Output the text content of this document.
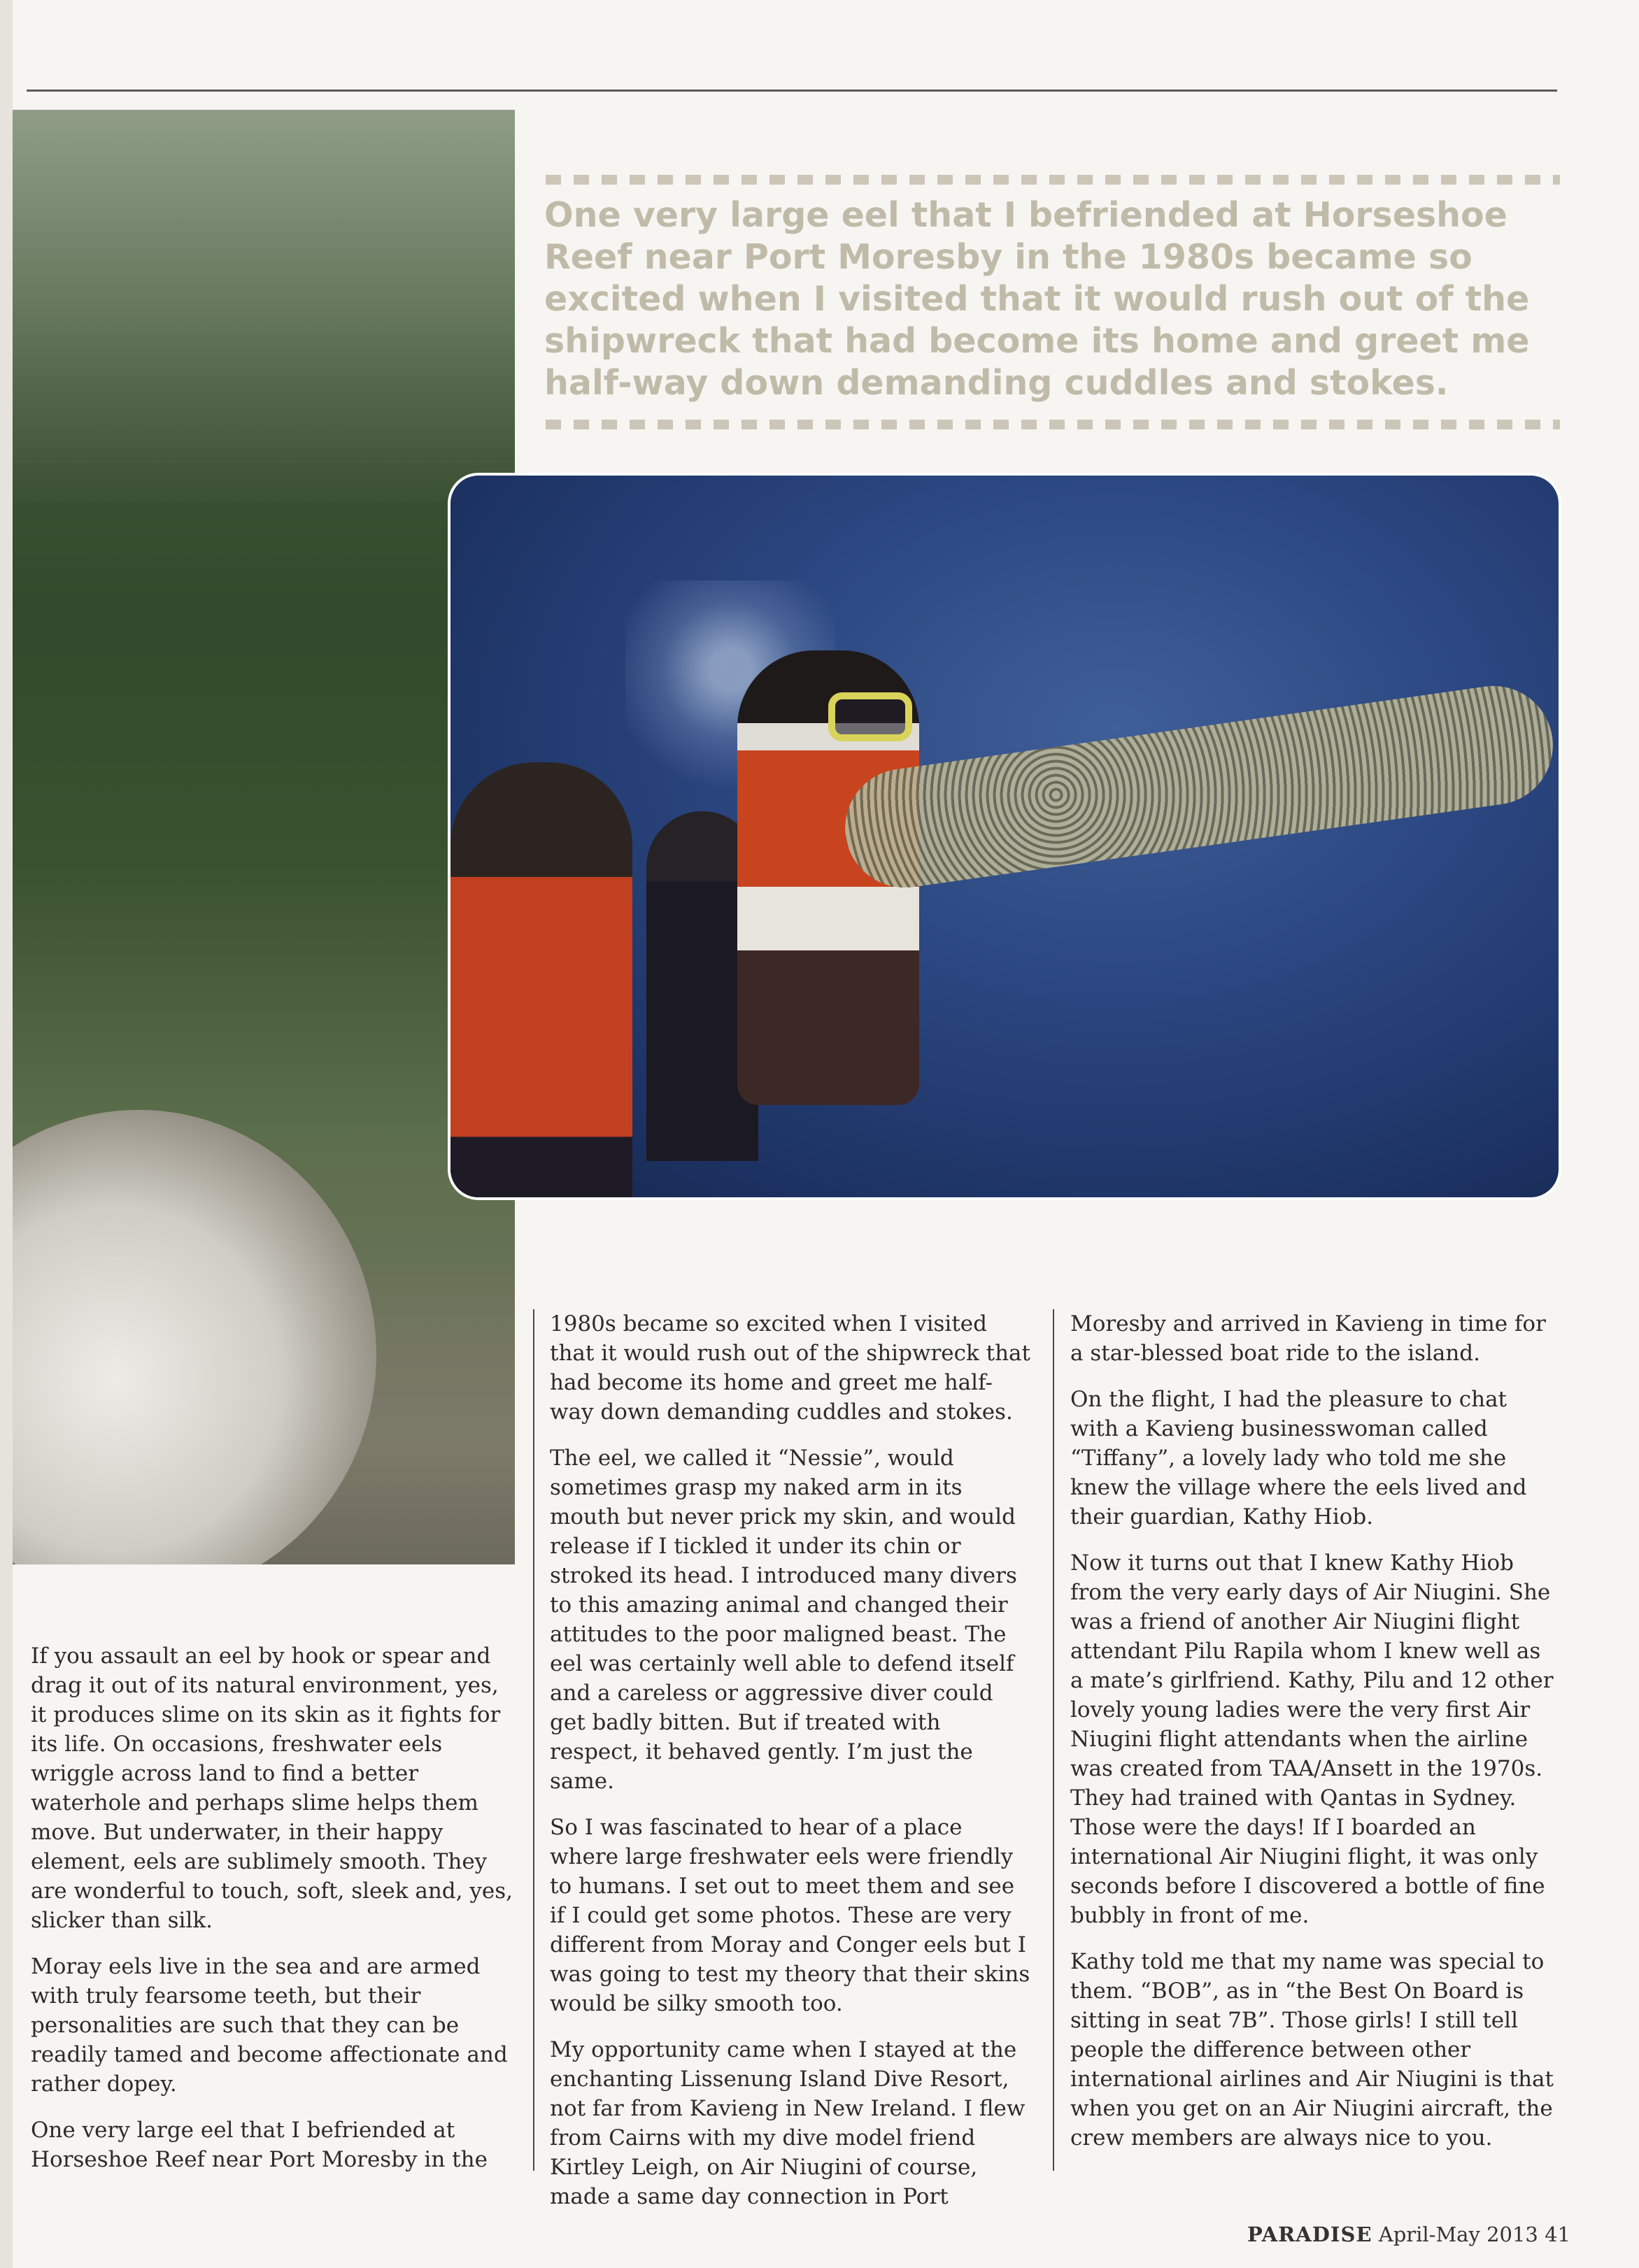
One very large eel that I befriended at Horseshoe Reef near Port Moresby in the 1980s became so excited when I visited that it would rush out of the shipwreck that had become its home and greet me half-way down demanding cuddles and stokes.

If you assault an eel by hook or spear and drag it out of its natural environment, yes, it produces slime on its skin as it fights for its life. On occasions, freshwater eels wriggle across land to find a better waterhole and perhaps slime helps them move. But underwater, in their happy element, eels are sublimely smooth. They are wonderful to touch, soft, sleek and, yes, slicker than silk.

Moray eels live in the sea and are armed with truly fearsome teeth, but their personalities are such that they can be readily tamed and become affectionate and rather dopey.

One very large eel that I befriended at Horseshoe Reef near Port Moresby in the

1980s became so excited when I visited that it would rush out of the shipwreck that had become its home and greet me half-way down demanding cuddles and stokes.

The eel, we called it “Nessie”, would sometimes grasp my naked arm in its mouth but never prick my skin, and would release if I tickled it under its chin or stroked its head. I introduced many divers to this amazing animal and changed their attitudes to the poor maligned beast. The eel was certainly well able to defend itself and a careless or aggressive diver could get badly bitten. But if treated with respect, it behaved gently. I’m just the same.

So I was fascinated to hear of a place where large freshwater eels were friendly to humans. I set out to meet them and see if I could get some photos. These are very different from Moray and Conger eels but I was going to test my theory that their skins would be silky smooth too.

My opportunity came when I stayed at the enchanting Lissenung Island Dive Resort, not far from Kavieng in New Ireland. I flew from Cairns with my dive model friend Kirtley Leigh, on Air Niugini of course, made a same day connection in Port

Moresby and arrived in Kavieng in time for a star-blessed boat ride to the island.

On the flight, I had the pleasure to chat with a Kavieng businesswoman called “Tiffany”, a lovely lady who told me she knew the village where the eels lived and their guardian, Kathy Hiob.

Now it turns out that I knew Kathy Hiob from the very early days of Air Niugini. She was a friend of another Air Niugini flight attendant Pilu Rapila whom I knew well as a mate’s girlfriend. Kathy, Pilu and 12 other lovely young ladies were the very first Air Niugini flight attendants when the airline was created from TAA/Ansett in the 1970s. They had trained with Qantas in Sydney. Those were the days! If I boarded an international Air Niugini flight, it was only seconds before I discovered a bottle of fine bubbly in front of me.

Kathy told me that my name was special to them. “BOB”, as in “the Best On Board is sitting in seat 7B”. Those girls! I still tell people the difference between other international airlines and Air Niugini is that when you get on an Air Niugini aircraft, the crew members are always nice to you.

PARADISE April-May 2013 41
